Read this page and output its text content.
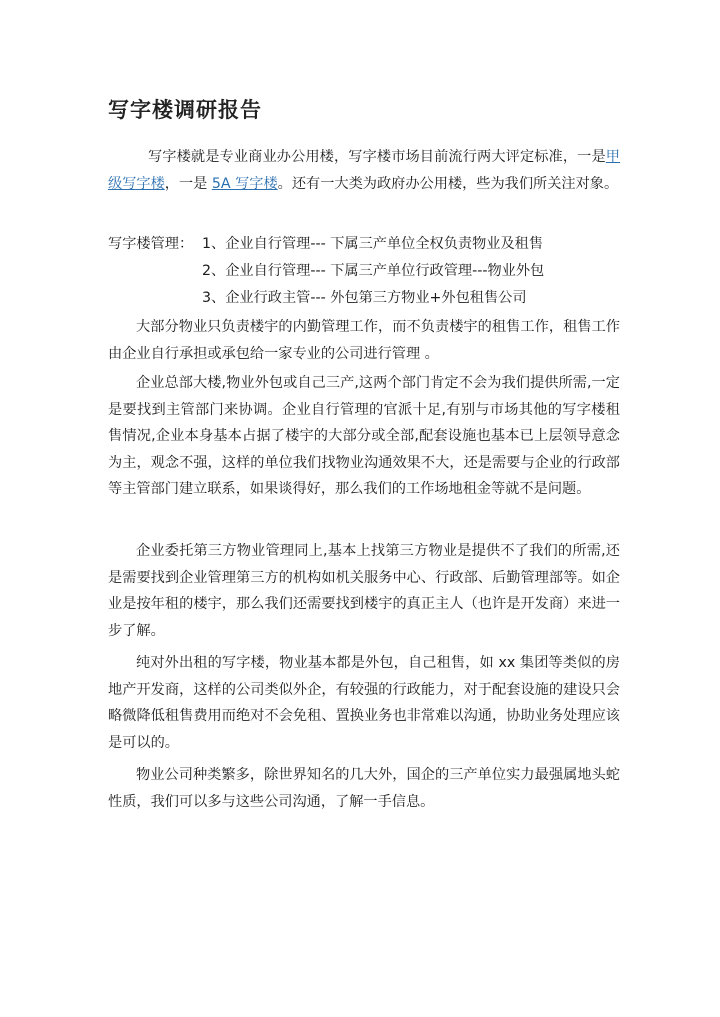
写字楼调研报告

写字楼就是专业商业办公用楼，写字楼市场目前流行两大评定标准，一是甲级写字楼，一是 5A 写字楼。还有一大类为政府办公用楼，些为我们所关注对象。

写字楼管理： 1、企业自行管理--- 下属三产单位全权负责物业及租售
2、企业自行管理--- 下属三产单位行政管理---物业外包
3、企业行政主管--- 外包第三方物业+外包租售公司

大部分物业只负责楼宇的内勤管理工作，而不负责楼宇的租售工作，租售工作由企业自行承担或承包给一家专业的公司进行管理 。

企业总部大楼,物业外包或自己三产,这两个部门肯定不会为我们提供所需,一定是要找到主管部门来协调。企业自行管理的官派十足,有别与市场其他的写字楼租售情况,企业本身基本占据了楼宇的大部分或全部,配套设施也基本已上层领导意念为主，观念不强，这样的单位我们找物业沟通效果不大，还是需要与企业的行政部等主管部门建立联系，如果谈得好，那么我们的工作场地租金等就不是问题。

企业委托第三方物业管理同上,基本上找第三方物业是提供不了我们的所需,还是需要找到企业管理第三方的机构如机关服务中心、行政部、后勤管理部等。如企业是按年租的楼宇，那么我们还需要找到楼宇的真正主人（也许是开发商）来进一步了解。

纯对外出租的写字楼，物业基本都是外包，自己租售，如 xx 集团等类似的房地产开发商，这样的公司类似外企，有较强的行政能力，对于配套设施的建设只会略微降低租售费用而绝对不会免租、置换业务也非常难以沟通，协助业务处理应该是可以的。

物业公司种类繁多，除世界知名的几大外，国企的三产单位实力最强属地头蛇性质，我们可以多与这些公司沟通，了解一手信息。
